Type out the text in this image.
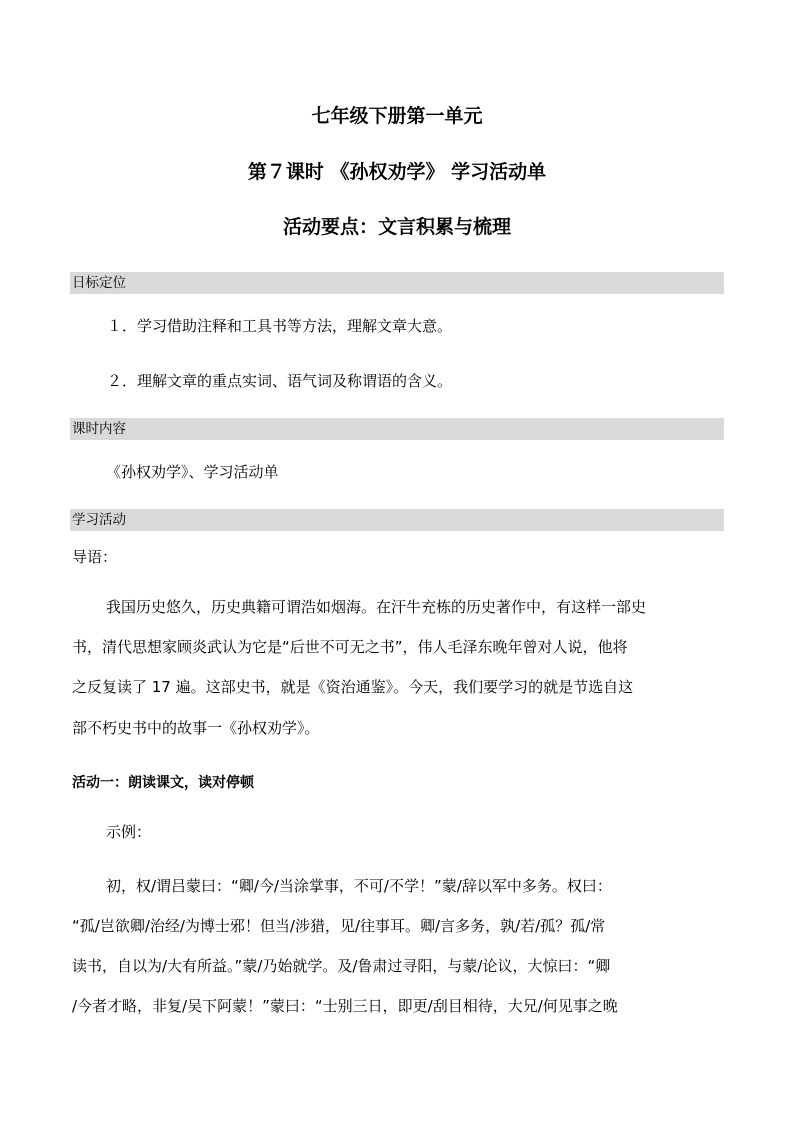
七年级下册第一单元
第７课时 《孙权劝学》 学习活动单
活动要点：文言积累与梳理
日标定位
１．学习借助注释和工具书等方法，理解文章大意。
２．理解文章的重点实词、语气词及称谓语的含义。
课时内容
《孙权劝学》、学习活动单
学习活动
导语：
我国历史悠久，历史典籍可谓浩如烟海。在汗牛充栋的历史著作中，有这样一部史
书，清代思想家顾炎武认为它是“后世不可无之书”，伟人毛泽东晚年曾对人说，他将
之反复读了 17 遍。这部史书，就是《资治通鉴》。今天，我们要学习的就是节选自这
部不朽史书中的故事一《孙权劝学》。
活动一：朗读课文，读对停顿
示例：
初，权/谓吕蒙曰：“卿/今/当涂掌事，不可/不学！”蒙/辞以军中多务。权曰：
“孤/岂欲卿/治经/为博士邪！但当/涉猎，见/往事耳。卿/言多务，孰/若/孤？孤/常
读书，自以为/大有所益。”蒙/乃始就学。及/鲁肃过寻阳，与蒙/论议，大惊曰：“卿
/今者才略，非复/吴下阿蒙！”蒙曰：“士别三日，即更/刮目相待，大兄/何见事之晚
